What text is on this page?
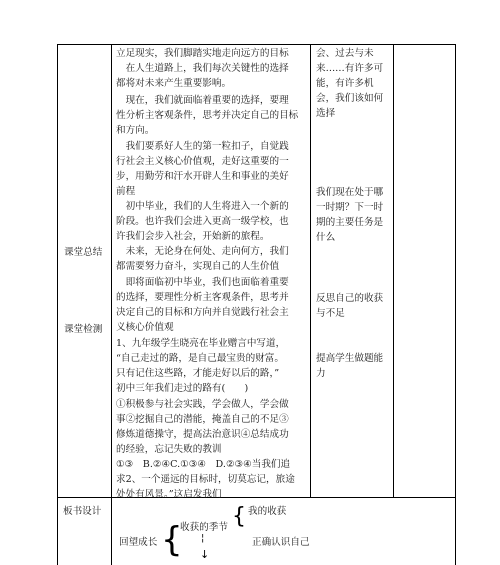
课堂总结
课堂检测
板书设计
立足现实，我们脚踏实地走向远方的目标
　在人生道路上，我们每次关键性的选择
都将对未来产生重要影响。
　现在，我们就面临着重要的选择，要理
性分析主客观条件，思考并决定自己的目标
和方向。
　我们要系好人生的第一粒扣子，自觉践
行社会主义核心价值观，走好这重要的一
步，用勤劳和汗水开辟人生和事业的美好
前程
　初中毕业，我们的人生将进入一个新的
阶段。也许我们会进入更高一级学校，也
许我们会步入社会，开始新的旅程。
　未来，无论身在何处、走向何方，我们
都需要努力奋斗，实现自己的人生价值
　即将面临初中毕业，我们也面临着重要
的选择，要理性分析主客观条件，思考并
决定自己的目标和方向并自觉践行社会主
义核心价值观
1、九年级学生晓亮在毕业赠言中写道，
“自己走过的路，是自己最宝贵的财富。
只有记住这些路，才能走好以后的路，”
初中三年我们走过的路有(　　)
①积极参与社会实践，学会做人，学会做
事②挖掘自己的潜能，掩盖自己的不足③
修炼道德操守，提高法治意识④总结成功
的经验，忘记失败的教训
①③　B.②④C.①③④　D.②③④当我们追
求2、一个遥远的目标时，切莫忘记，旅途
处处有风景。”这启发我们
会、过去与未
来……有许多可
能，有许多机
会，我们该如何
选择
我们现在处于哪
一时期？下一时
期的主要任务是
什么
反思自己的收获
与不足
提高学生做题能
力
回望成长 {
收获的季节 { 我的收获
正确认识自己
¦
↓
